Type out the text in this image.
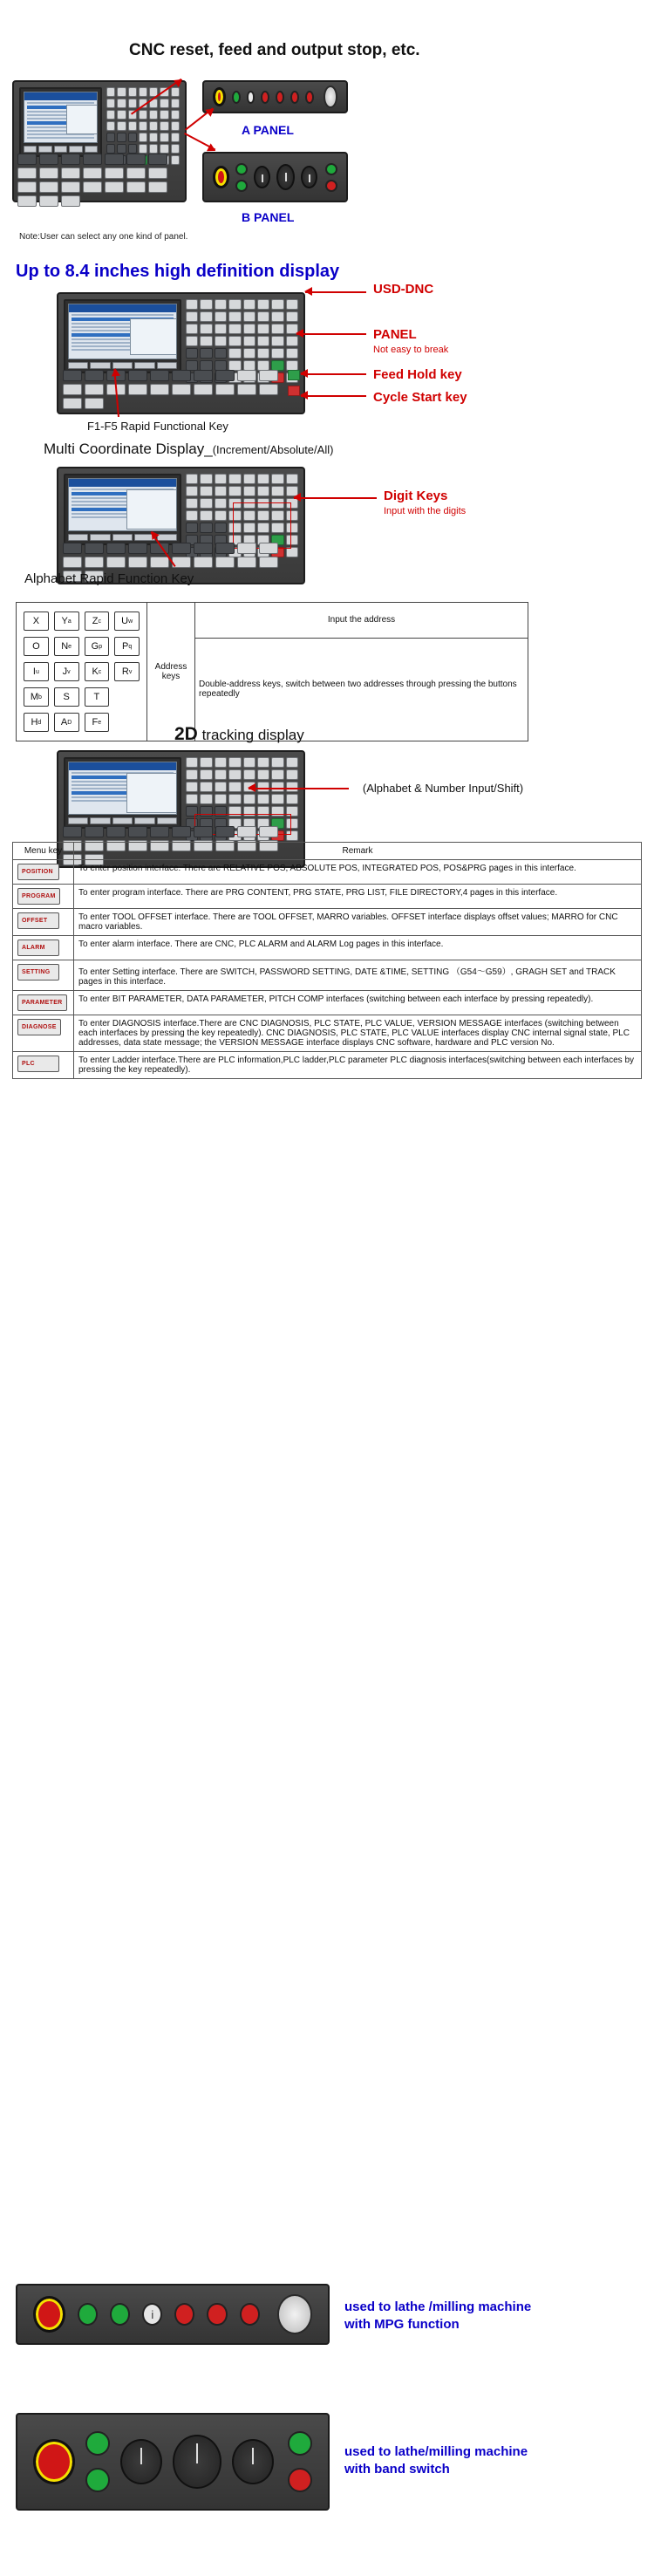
CNC reset, feed and output stop, etc.
A PANEL
B PANEL
Note:User can select any one kind of panel.
Up to 8.4 inches high definition display
USD-DNC
PANEL
Not easy to break
Feed Hold key
Cycle Start key
F1-F5 Rapid Functional Key
Multi Coordinate Display_(Increment/Absolute/All)
Digit Keys
Input with the digits
Alphabet Rapid Function Key
X Y a Z c U w
O N e G p P q
I u J v K c R v
M b S	T
H d A D F e
	Address keys	Input the address
Double-address keys, switch between two addresses through pressing the buttons repeatedly
2D tracking display
(Alphabet & Number Input/Shift)
Menu key	Remark
POSITION	To enter position interface. There are RELATIVE POS, ABSOLUTE POS, INTEGRATED POS, POS&PRG pages in this interface.
PROGRAM	To enter program interface. There are PRG CONTENT, PRG STATE, PRG LIST, FILE DIRECTORY,4 pages in this interface.
OFFSET	To enter TOOL OFFSET interface. There are TOOL OFFSET, MARRO variables. OFFSET interface displays offset values; MARRO for CNC macro variables.
ALARM	To enter alarm interface. There are CNC, PLC ALARM and ALARM Log pages in this interface.
SETTING	To enter Setting interface. There are SWITCH, PASSWORD SETTING, DATE &TIME, SETTING （G54～G59）, GRAGH SET and TRACK pages in this interface.
PARAMETER	To enter BIT PARAMETER, DATA PARAMETER, PITCH COMP interfaces (switching between each interface by pressing repeatedly).
DIAGNOSE	To enter DIAGNOSIS interface.There are CNC DIAGNOSIS, PLC STATE, PLC VALUE, VERSION MESSAGE interfaces (switching between each interfaces by pressing the key repeatedly). CNC DIAGNOSIS, PLC STATE, PLC VALUE interfaces display CNC internal signal state, PLC addresses, data state message; the VERSION MESSAGE interface displays CNC software, hardware and PLC version No.
PLC	To enter Ladder interface.There are PLC information,PLC ladder,PLC parameter PLC diagnosis interfaces(switching between each interfaces by pressing the key repeatedly).
i	used to lathe /milling machine
with MPG function
used to lathe/milling machine
with band switch
